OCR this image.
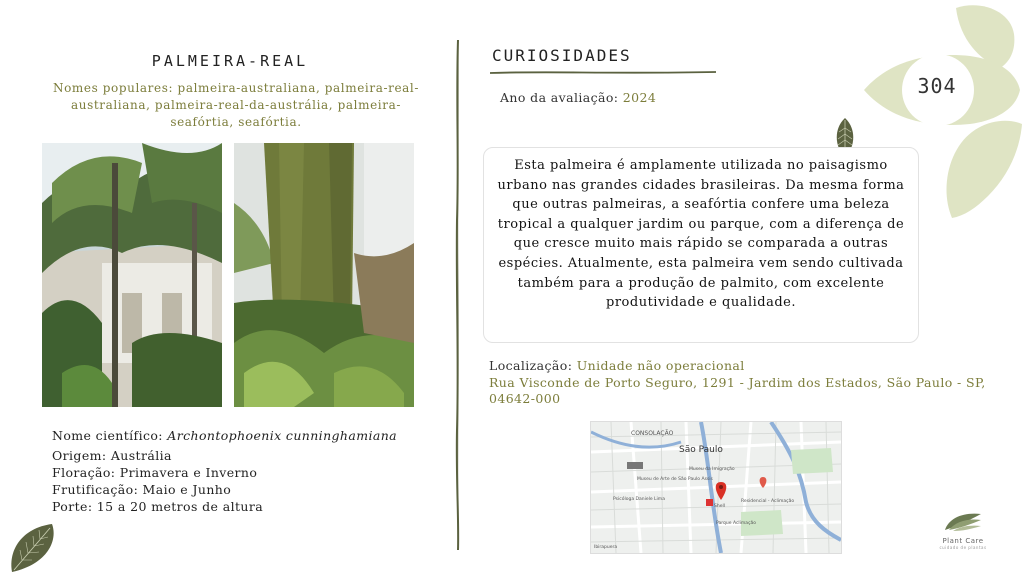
PALMEIRA-REAL
Nomes populares: palmeira-australiana, palmeira-real-australiana, palmeira-real-da-austrália, palmeira-seafórtia, seafórtia.
Nome científico: Archontophoenix cunninghamiana
Origem: Austrália
Floração: Primavera e Inverno
Frutificação: Maio e Junho
Porte: 15 a 20 metros de altura
CURIOSIDADES
Ano da avaliação: 2024
Esta palmeira é amplamente utilizada no paisagismo urbano nas grandes cidades brasileiras. Da mesma forma que outras palmeiras, a seafórtia confere uma beleza tropical a qualquer jardim ou parque, com a diferença de que cresce muito mais rápido se comparada a outras espécies. Atualmente, esta palmeira vem sendo cultivada também para a produção de palmito, com excelente produtividade e qualidade.
Localização: Unidade não operacional
Rua Visconde de Porto Seguro, 1291 - Jardim dos Estados, São Paulo - SP, 04642-000
CONSOLAÇÃO
São Paulo
Museu de Arte de São Paulo Assis
Museu da Imigração
Psicóloga Daniele Lima	Residencial - Aclimação
Shell
Parque Aclimação
Ibirapuera
304
Plant Care
cuidado de plantas
